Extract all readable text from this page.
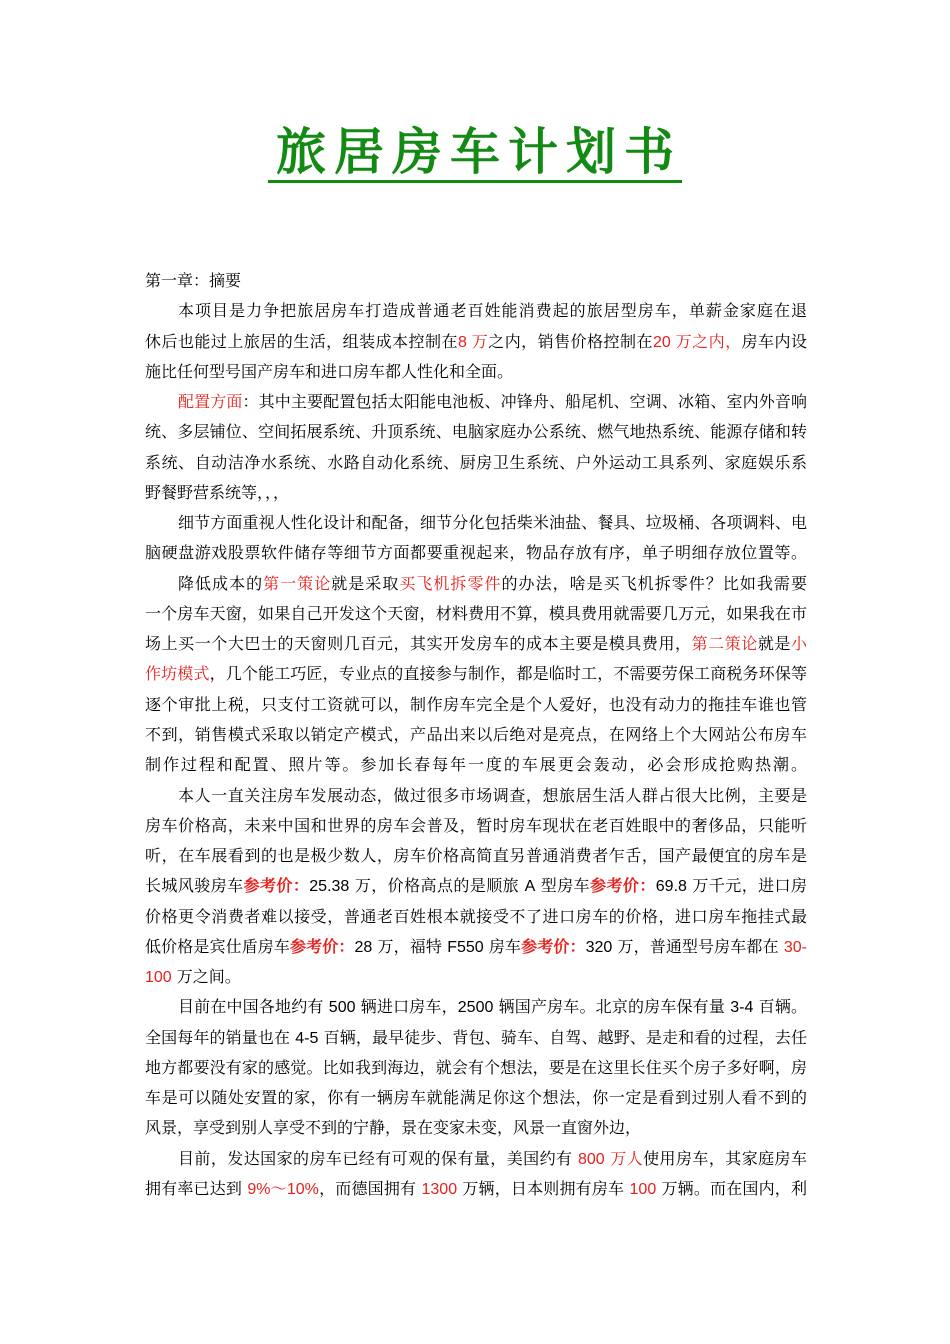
旅居房车计划书
第一章：摘要
本项目是力争把旅居房车打造成普通老百姓能消费起的旅居型房车，单薪金家庭在退
休后也能过上旅居的生活，组装成本控制在8 万之内，销售价格控制在20 万之内，房车内设
施比任何型号国产房车和进口房车都人性化和全面。
配置方面：其中主要配置包括太阳能电池板、冲锋舟、船尾机、空调、冰箱、室内外音响
统、多层铺位、空间拓展系统、升顶系统、电脑家庭办公系统、燃气地热系统、能源存储和转
系统、自动洁净水系统、水路自动化系统、厨房卫生系统、户外运动工具系列、家庭娱乐系
野餐野营系统等，，，
细节方面重视人性化设计和配备，细节分化包括柴米油盐、餐具、垃圾桶、各项调料、电
脑硬盘游戏股票软件储存等细节方面都要重视起来，物品存放有序，单子明细存放位置等。
降低成本的第一策论就是采取买飞机拆零件的办法，啥是买飞机拆零件？比如我需要
一个房车天窗，如果自己开发这个天窗，材料费用不算，模具费用就需要几万元，如果我在市
场上买一个大巴士的天窗则几百元，其实开发房车的成本主要是模具费用，第二策论就是小
作坊模式，几个能工巧匠，专业点的直接参与制作，都是临时工，不需要劳保工商税务环保等
逐个审批上税，只支付工资就可以，制作房车完全是个人爱好，也没有动力的拖挂车谁也管
不到，销售模式采取以销定产模式，产品出来以后绝对是亮点，在网络上个大网站公布房车
制作过程和配置、照片等。参加长春每年一度的车展更会轰动，必会形成抢购热潮。
本人一直关注房车发展动态，做过很多市场调查，想旅居生活人群占很大比例，主要是
房车价格高，未来中国和世界的房车会普及，暂时房车现状在老百姓眼中的奢侈品，只能听
听，在车展看到的也是极少数人，房车价格高简直另普通消费者乍舌，国产最便宜的房车是
长城风骏房车参考价：25.38 万，价格高点的是顺旅 A 型房车参考价：69.8 万千元，进口房
价格更令消费者难以接受，普通老百姓根本就接受不了进口房车的价格，进口房车拖挂式最
低价格是宾仕盾房车参考价：28 万，福特 F550 房车参考价：320 万，普通型号房车都在 30-
100 万之间。
目前在中国各地约有 500 辆进口房车，2500 辆国产房车。北京的房车保有量 3-4 百辆。
全国每年的销量也在 4-5 百辆，最早徒步、背包、骑车、自驾、越野、是走和看的过程，去任
地方都要没有家的感觉。比如我到海边，就会有个想法，要是在这里长住买个房子多好啊，房
车是可以随处安置的家，你有一辆房车就能满足你这个想法，你一定是看到过别人看不到的
风景，享受到别人享受不到的宁静，景在变家未变，风景一直窗外边，
目前，发达国家的房车已经有可观的保有量，美国约有 800 万人使用房车，其家庭房车
拥有率已达到 9%～10%，而德国拥有 1300 万辆，日本则拥有房车 100 万辆。而在国内，利
